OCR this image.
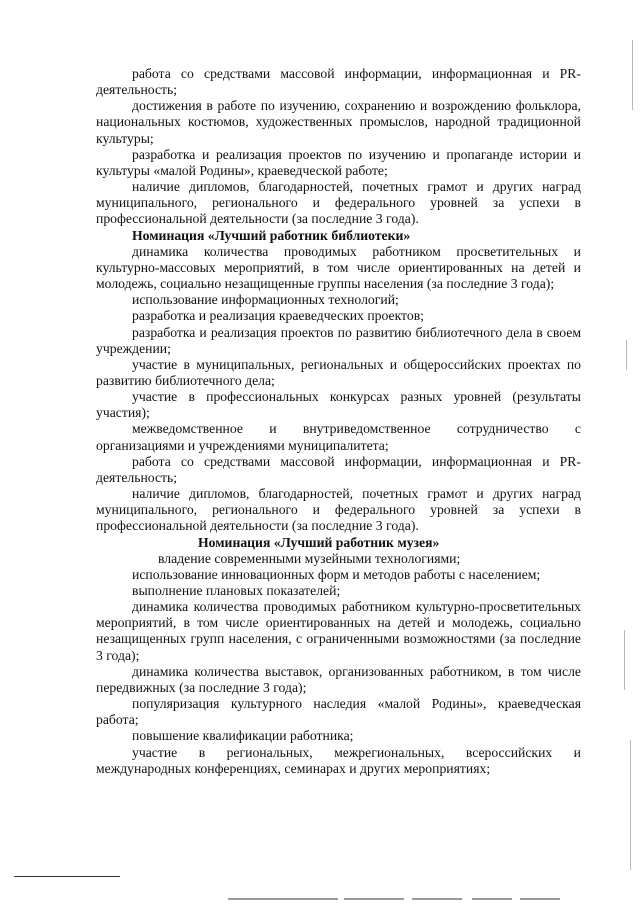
работа со средствами массовой информации, информационная и PR-деятельность;

достижения в работе по изучению, сохранению и возрождению фольклора, национальных костюмов, художественных промыслов, народной традиционной культуры;

разработка и реализация проектов по изучению и пропаганде истории и культуры «малой Родины», краеведческой работе;

наличие дипломов, благодарностей, почетных грамот и других наград муниципального, регионального и федерального уровней за успехи в профессиональной деятельности (за последние 3 года).

Номинация «Лучший работник библиотеки»

динамика количества проводимых работником просветительных и культурно-массовых мероприятий, в том числе ориентированных на детей и молодежь, социально незащищенные группы населения (за последние 3 года);

использование информационных технологий;

разработка и реализация краеведческих проектов;

разработка и реализация проектов по развитию библиотечного дела в своем учреждении;

участие в муниципальных, региональных и общероссийских проектах по развитию библиотечного дела;

участие в профессиональных конкурсах разных уровней (результаты участия);

межведомственное и внутриведомственное сотрудничество с организациями и учреждениями муниципалитета;

работа со средствами массовой информации, информационная и PR-деятельность;

наличие дипломов, благодарностей, почетных грамот и других наград муниципального, регионального и федерального уровней за успехи в профессиональной деятельности (за последние 3 года).

Номинация «Лучший работник музея»

владение современными музейными технологиями;

использование инновационных форм и методов работы с населением;

выполнение плановых показателей;

динамика количества проводимых работником культурно-просветительных мероприятий, в том числе ориентированных на детей и молодежь, социально незащищенных групп населения, с ограниченными возможностями (за последние 3 года);

динамика количества выставок, организованных работником, в том числе передвижных (за последние 3 года);

популяризация культурного наследия «малой Родины», краеведческая работа;

повышение квалификации работника;

участие в региональных, межрегиональных, всероссийских и международных конференциях, семинарах и других мероприятиях;
